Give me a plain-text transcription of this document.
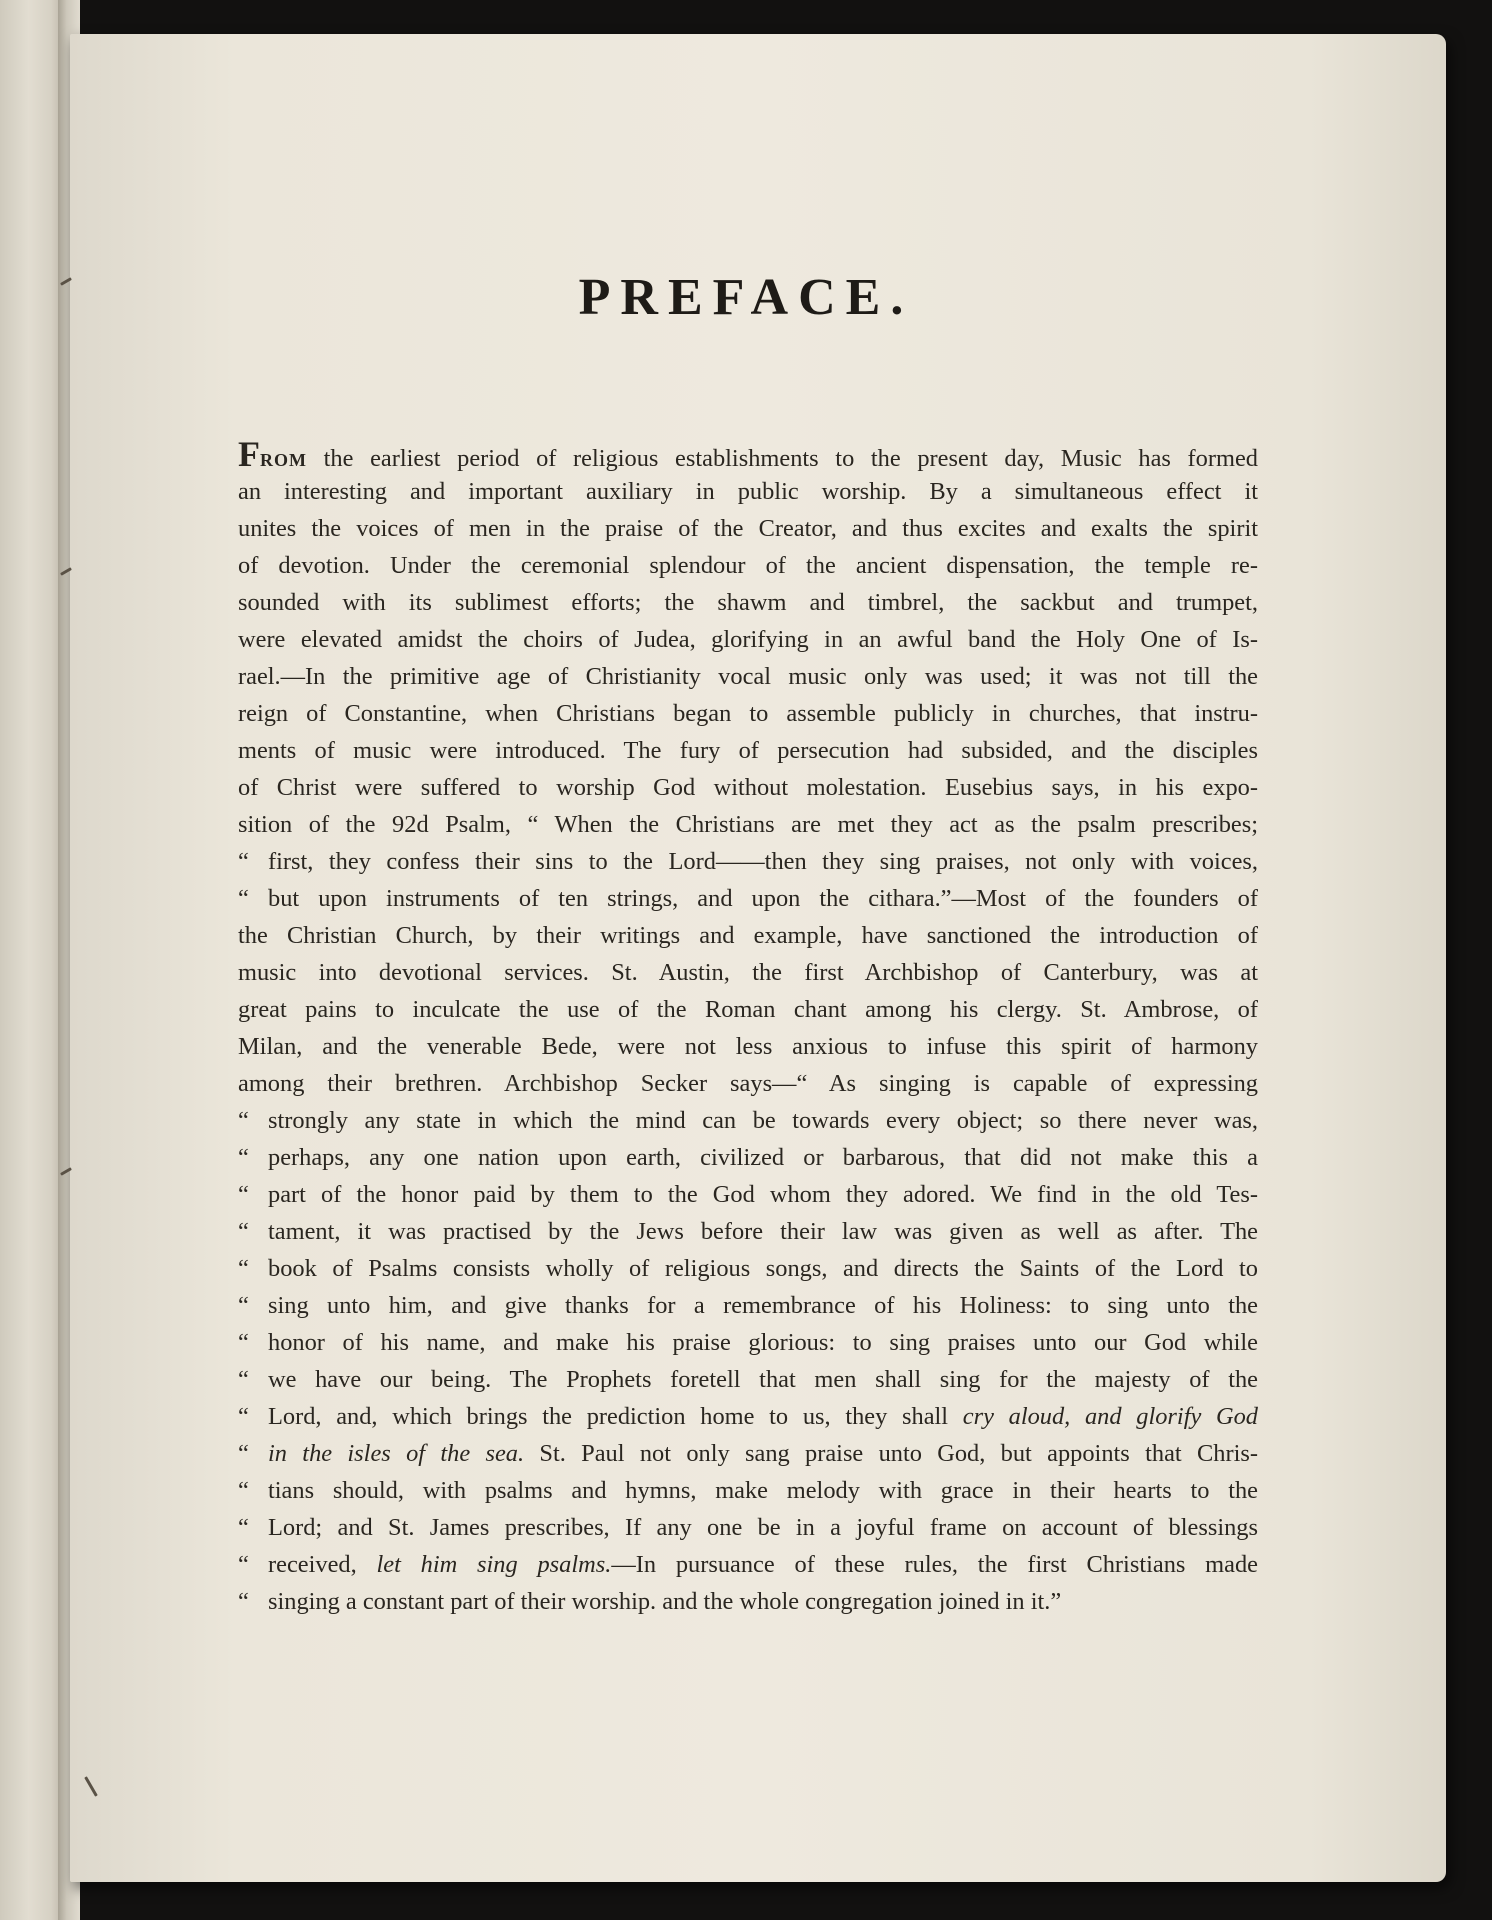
PREFACE.
FROM the earliest period of religious establishments to the present day, Music has formed
an interesting and important auxiliary in public worship. By a simultaneous effect it
unites the voices of men in the praise of the Creator, and thus excites and exalts the spirit
of devotion. Under the ceremonial splendour of the ancient dispensation, the temple re-
sounded with its sublimest efforts; the shawm and timbrel, the sackbut and trumpet,
were elevated amidst the choirs of Judea, glorifying in an awful band the Holy One of Is-
rael.—In the primitive age of Christianity vocal music only was used; it was not till the
reign of Constantine, when Christians began to assemble publicly in churches, that instru-
ments of music were introduced. The fury of persecution had subsided, and the disciples
of Christ were suffered to worship God without molestation. Eusebius says, in his expo-
sition of the 92d Psalm, “ When the Christians are met they act as the psalm prescribes;
“ first, they confess their sins to the Lord——then they sing praises, not only with voices,
“ but upon instruments of ten strings, and upon the cithara.”—Most of the founders of
the Christian Church, by their writings and example, have sanctioned the introduction of
music into devotional services. St. Austin, the first Archbishop of Canterbury, was at
great pains to inculcate the use of the Roman chant among his clergy. St. Ambrose, of
Milan, and the venerable Bede, were not less anxious to infuse this spirit of harmony
among their brethren. Archbishop Secker says—“ As singing is capable of expressing
“ strongly any state in which the mind can be towards every object; so there never was,
“ perhaps, any one nation upon earth, civilized or barbarous, that did not make this a
“ part of the honor paid by them to the God whom they adored. We find in the old Tes-
“ tament, it was practised by the Jews before their law was given as well as after. The
“ book of Psalms consists wholly of religious songs, and directs the Saints of the Lord to
“ sing unto him, and give thanks for a remembrance of his Holiness: to sing unto the
“ honor of his name, and make his praise glorious: to sing praises unto our God while
“ we have our being. The Prophets foretell that men shall sing for the majesty of the
“ Lord, and, which brings the prediction home to us, they shall cry aloud, and glorify God
“ in the isles of the sea. St. Paul not only sang praise unto God, but appoints that Chris-
“ tians should, with psalms and hymns, make melody with grace in their hearts to the
“ Lord; and St. James prescribes, If any one be in a joyful frame on account of blessings
“ received, let him sing psalms.—In pursuance of these rules, the first Christians made
“ singing a constant part of their worship. and the whole congregation joined in it.”
